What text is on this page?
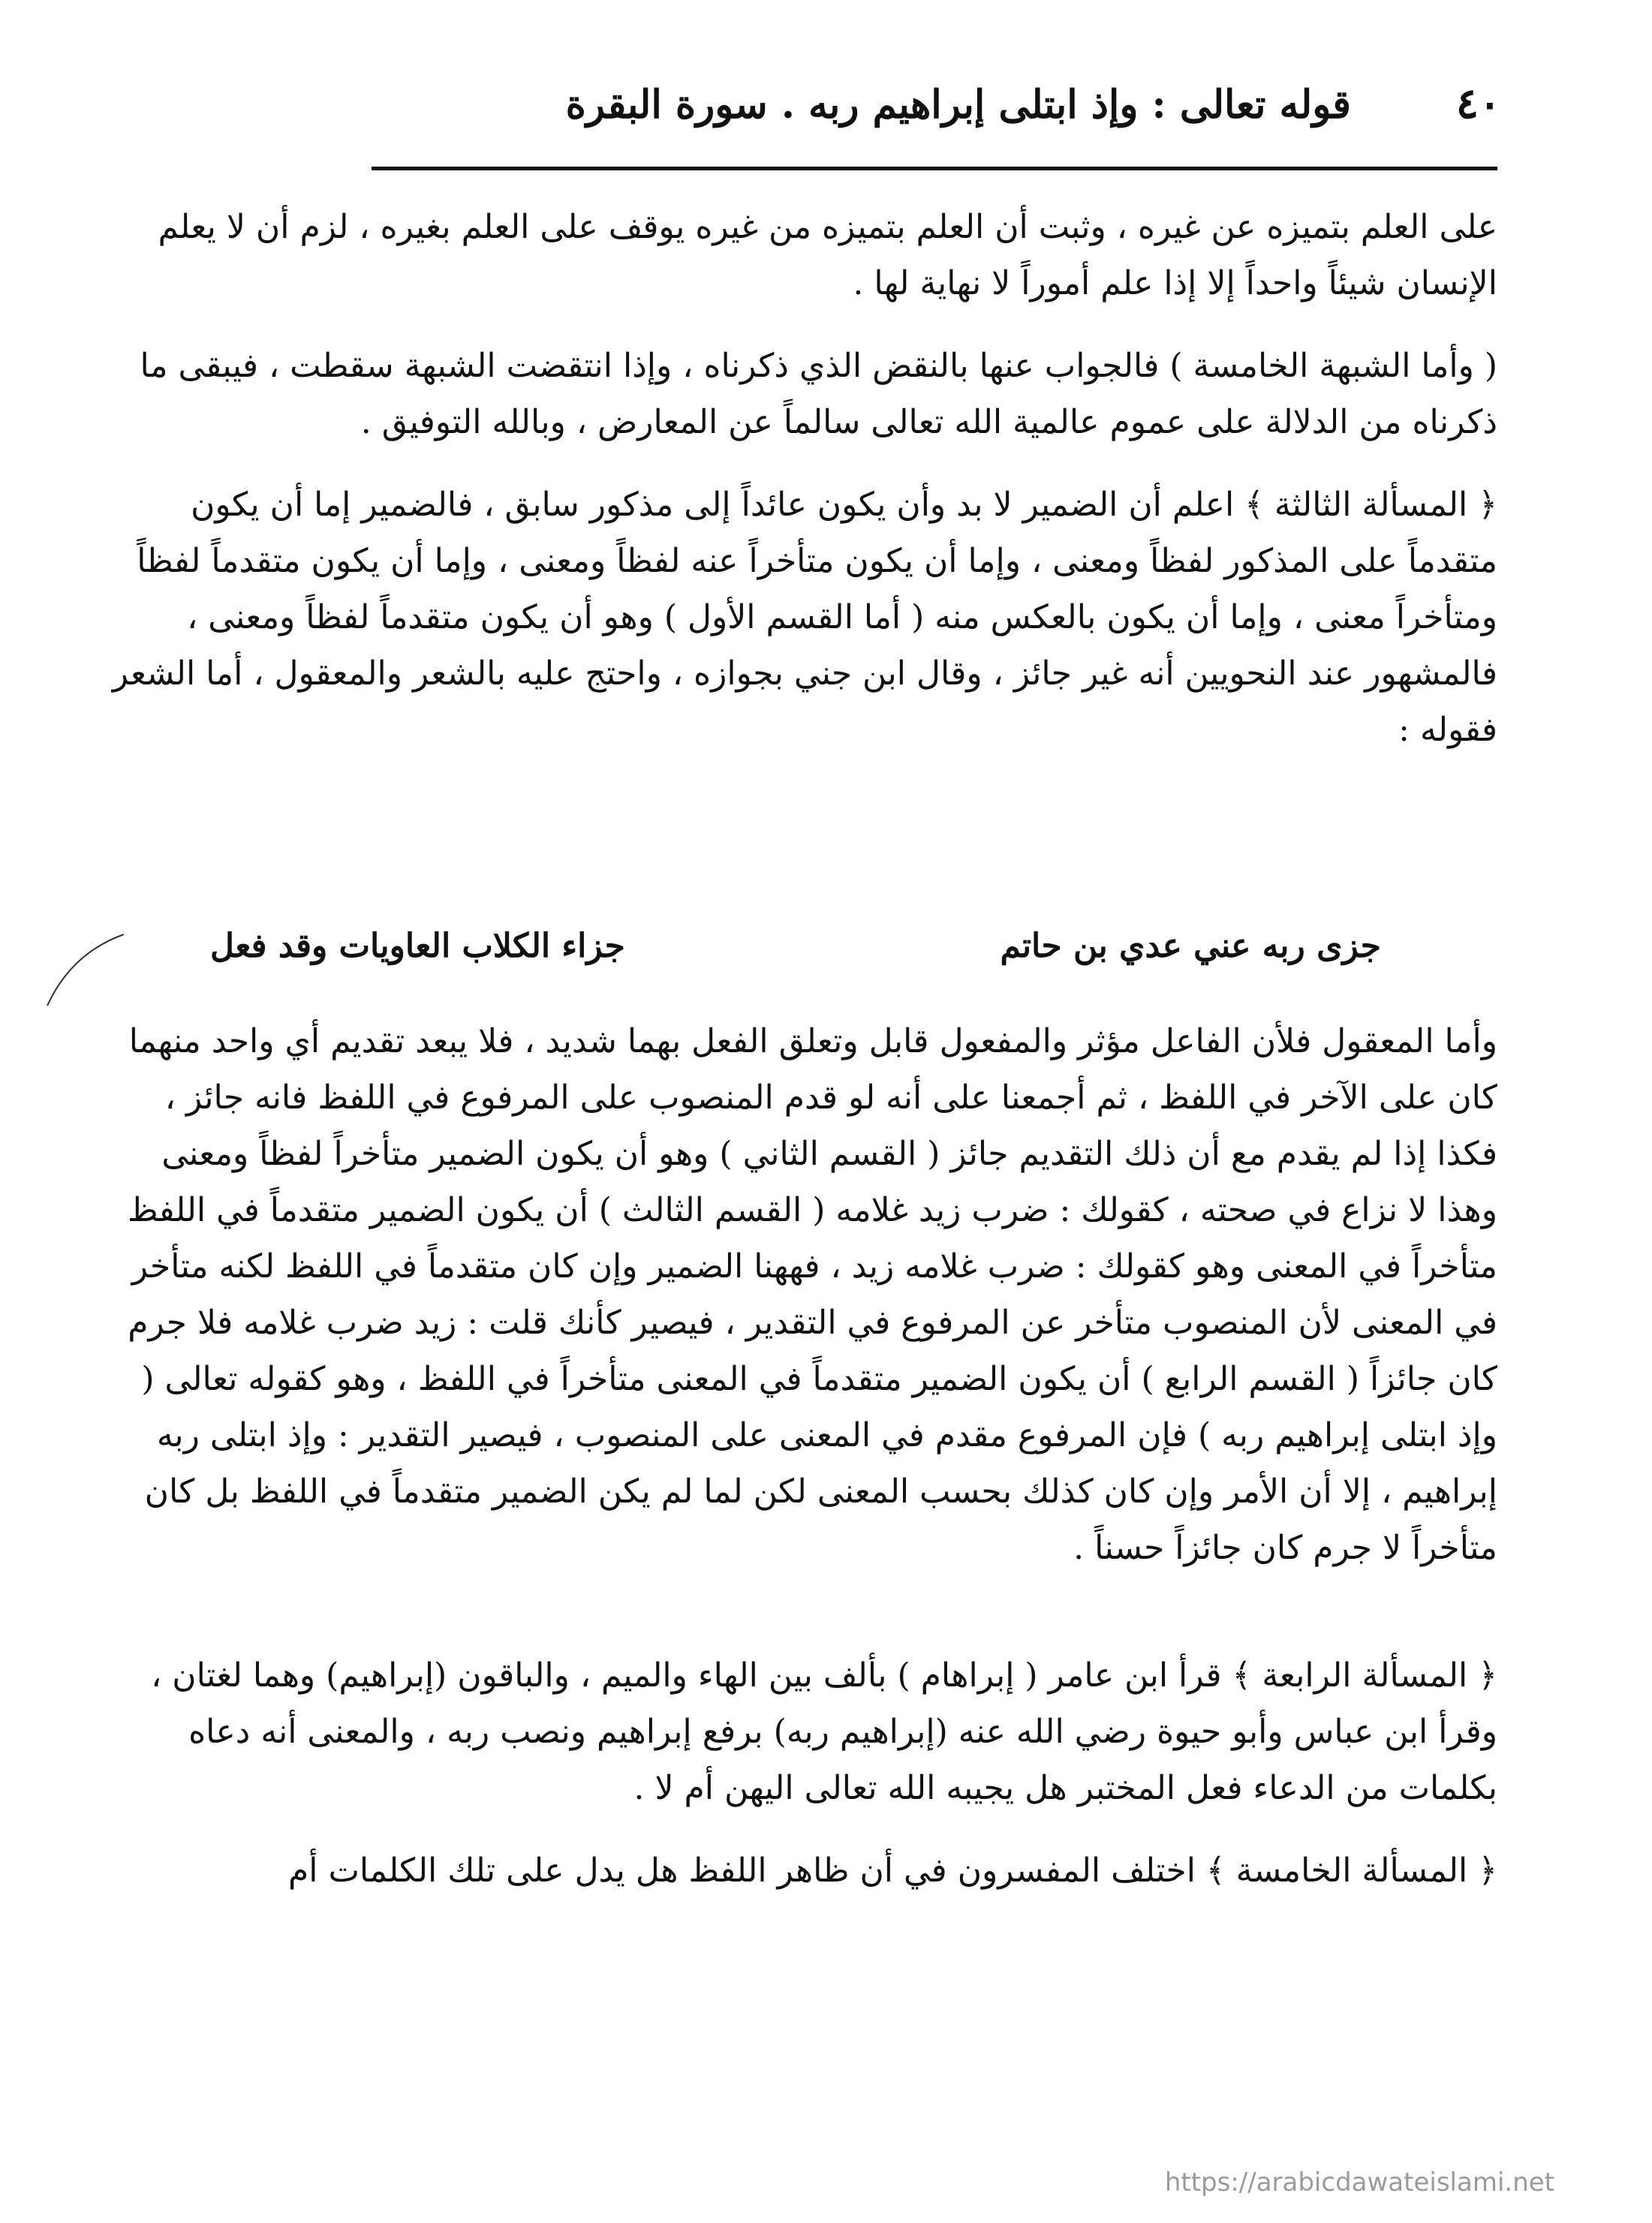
٤٠
قوله تعالى : وإذ ابتلى إبراهيم ربه . سورة البقرة

على العلم بتميزه عن غيره ، وثبت أن العلم بتميزه من غيره يوقف على العلم بغيره ، لزم أن لا يعلم الإنسان شيئاً واحداً إلا إذا علم أموراً لا نهاية لها .

( وأما الشبهة الخامسة ) فالجواب عنها بالنقض الذي ذكرناه ، وإذا انتقضت الشبهة سقطت ، فيبقى ما ذكرناه من الدلالة على عموم عالمية الله تعالى سالماً عن المعارض ، وبالله التوفيق .

﴿ المسألة الثالثة ﴾ اعلم أن الضمير لا بد وأن يكون عائداً إلى مذكور سابق ، فالضمير إما أن يكون متقدماً على المذكور لفظاً ومعنى ، وإما أن يكون متأخراً عنه لفظاً ومعنى ، وإما أن يكون متقدماً لفظاً ومتأخراً معنى ، وإما أن يكون بالعكس منه ( أما القسم الأول ) وهو أن يكون متقدماً لفظاً ومعنى ، فالمشهور عند النحويين أنه غير جائز ، وقال ابن جني بجوازه ، واحتج عليه بالشعر والمعقول ، أما الشعر فقوله :

جزى ربه عني عدي بن حاتم
جزاء الكلاب العاويات وقد فعل

وأما المعقول فلأن الفاعل مؤثر والمفعول قابل وتعلق الفعل بهما شديد ، فلا يبعد تقديم أي واحد منهما كان على الآخر في اللفظ ، ثم أجمعنا على أنه لو قدم المنصوب على المرفوع في اللفظ فانه جائز ، فكذا إذا لم يقدم مع أن ذلك التقديم جائز ( القسم الثاني ) وهو أن يكون الضمير متأخراً لفظاً ومعنى وهذا لا نزاع في صحته ، كقولك : ضرب زيد غلامه ( القسم الثالث ) أن يكون الضمير متقدماً في اللفظ متأخراً في المعنى وهو كقولك : ضرب غلامه زيد ، فههنا الضمير وإن كان متقدماً في اللفظ لكنه متأخر في المعنى لأن المنصوب متأخر عن المرفوع في التقدير ، فيصير كأنك قلت : زيد ضرب غلامه فلا جرم كان جائزاً ( القسم الرابع ) أن يكون الضمير متقدماً في المعنى متأخراً في اللفظ ، وهو كقوله تعالى ( وإذ ابتلى إبراهيم ربه ) فإن المرفوع مقدم في المعنى على المنصوب ، فيصير التقدير : وإذ ابتلى ربه إبراهيم ، إلا أن الأمر وإن كان كذلك بحسب المعنى لكن لما لم يكن الضمير متقدماً في اللفظ بل كان متأخراً لا جرم كان جائزاً حسناً .

﴿ المسألة الرابعة ﴾ قرأ ابن عامر ( إبراهام ) بألف بين الهاء والميم ، والباقون (إبراهيم) وهما لغتان ، وقرأ ابن عباس وأبو حيوة رضي الله عنه (إبراهيم ربه) برفع إبراهيم ونصب ربه ، والمعنى أنه دعاه بكلمات من الدعاء فعل المختبر هل يجيبه الله تعالى اليهن أم لا .

﴿ المسألة الخامسة ﴾ اختلف المفسرون في أن ظاهر اللفظ هل يدل على تلك الكلمات أم

https://arabicdawateislami.net
